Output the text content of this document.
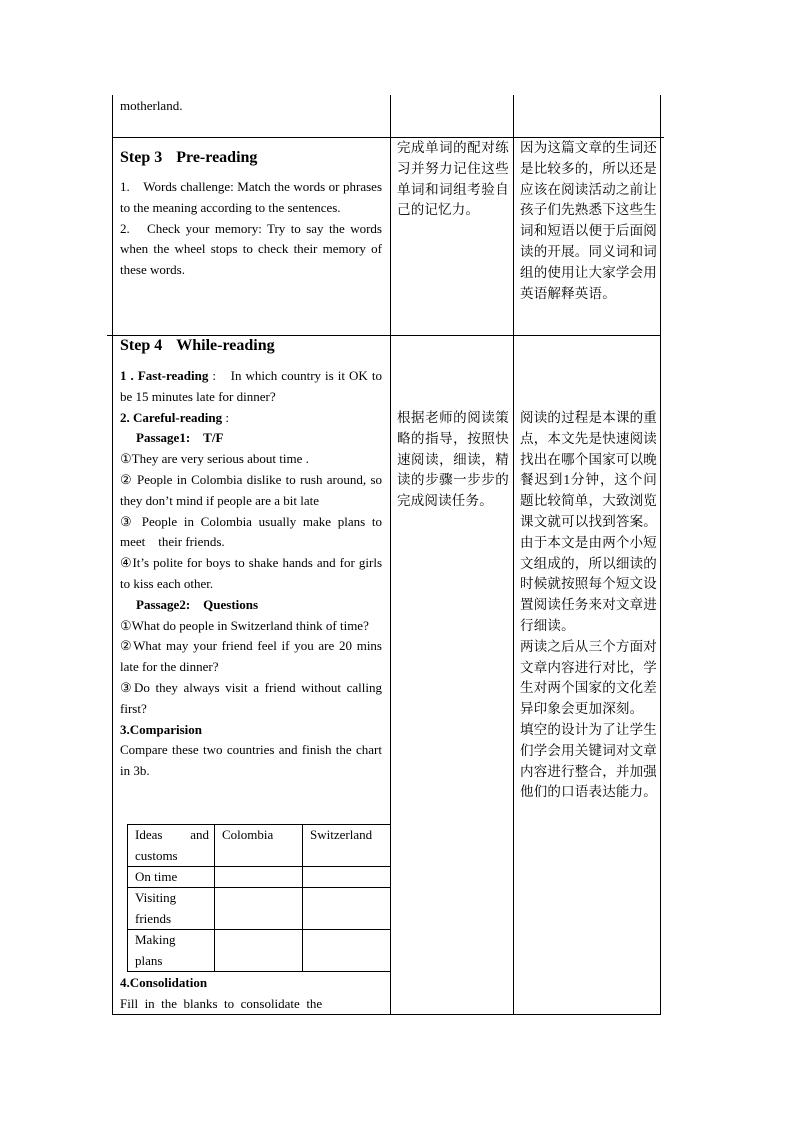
motherland.

Step 3 Pre-reading

1.　Words challenge: Match the words or phrases to the meaning according to the sentences.

2.　Check your memory: Try to say the words when the wheel stops to check their memory of these words.

完成单词的配对练习并努力记住这些单词和词组考验自己的记忆力。

因为这篇文章的生词还是比较多的，所以还是应该在阅读活动之前让孩子们先熟悉下这些生词和短语以便于后面阅读的开展。同义词和词组的使用让大家学会用英语解释英语。

Step 4 While-reading

1 . Fast-reading :　In which country is it OK to be 15 minutes late for dinner?

2. Careful-reading :

Passage1:　T/F

①They are very serious about time .

② People in Colombia dislike to rush around, so they don’t mind if people are a bit late

③ People in Colombia usually make plans to meet　their friends.

④It’s polite for boys to shake hands and for girls to kiss each other.

Passage2:　Questions

①What do people in Switzerland think of time?

②What may your friend feel if you are 20 mins late for the dinner?

③Do they always visit a friend without calling first?

3.Comparision

Compare these two countries and finish the chart in 3b.

Ideas and customs
Colombia	Switzerland
On time
Visiting friends
Making plans

4.Consolidation

Fill  in  the  blanks  to  consolidate  the

根据老师的阅读策略的指导，按照快速阅读，细读，精读的步骤一步步的完成阅读任务。

阅读的过程是本课的重点，本文先是快速阅读找出在哪个国家可以晚餐迟到1分钟，这个问题比较简单，大致浏览课文就可以找到答案。

由于本文是由两个小短文组成的，所以细读的时候就按照每个短文设置阅读任务来对文章进行细读。

两读之后从三个方面对文章内容进行对比，学生对两个国家的文化差异印象会更加深刻。

填空的设计为了让学生们学会用关键词对文章内容进行整合，并加强他们的口语表达能力。
